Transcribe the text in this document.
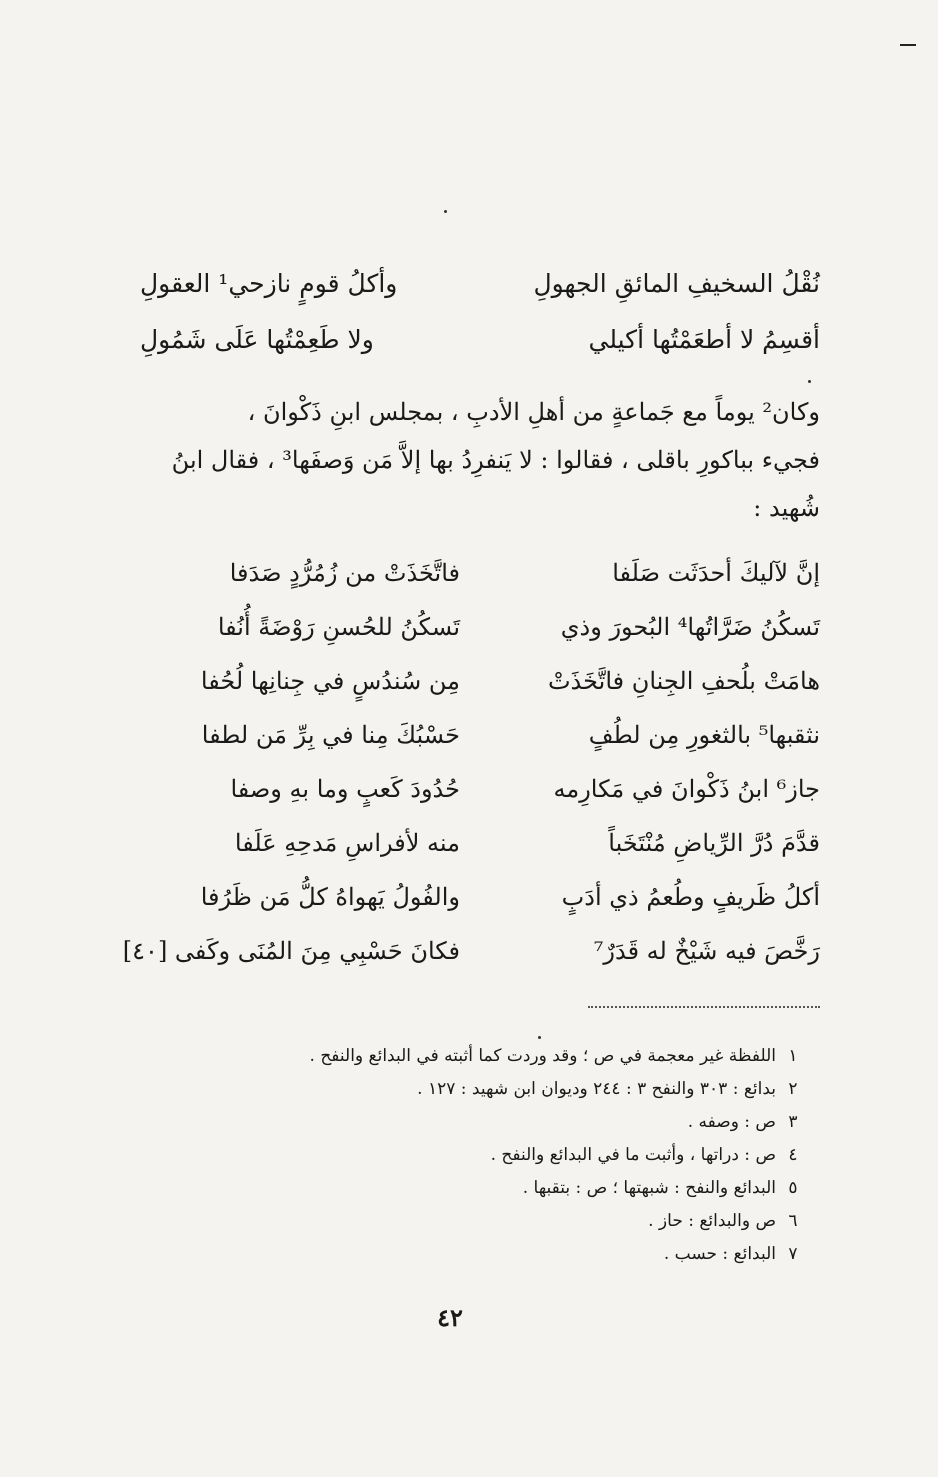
نُقْلُ السخيفِ المائقِ الجهولِ
وأكلُ قومٍ نازحي¹ العقولِ
أقسِمُ لا أطعَمْتُها أكيلي
ولا طَعِمْتُها عَلَى شَمُولِ

وكان² يوماً مع جَماعةٍ من أهلِ الأدبِ ، بمجلس ابنِ ذَكْوانَ ،

فجيء بباكورِ باقلى ، فقالوا : لا يَنفرِدُ بها إلاَّ مَن وَصفَها³ ، فقال ابنُ

شُهيد :

إنَّ لآليكَ أحدَثَت صَلَفا
فاتَّخَذَتْ من زُمُرُّدٍ صَدَفا
تَسكُنُ ضَرَّاتُها⁴ البُحورَ وذي
تَسكُنُ للحُسنِ رَوْضَةً أُنُفا
هامَتْ بلُحفِ الجِنانِ فاتَّخَذَتْ
مِن سُندُسٍ في جِنانِها لُحُفا
نثقبها⁵ بالثغورِ مِن لطُفٍ
حَسْبُكَ مِنا في بِرِّ مَن لطفا
جاز⁶ ابنُ ذَكْوانَ في مَكارِمه
حُدُودَ كَعبٍ وما بهِ وصفا
قدَّمَ دُرَّ الرِّياضِ مُنْتَخَباً
منه لأفراسِ مَدحِهِ عَلَفا
أكلُ ظَريفٍ وطُعمُ ذي أدَبٍ
والفُولُ يَهواهُ كلُّ مَن ظَرُفا
رَخَّصَ فيه شَيْخٌ له قَدَرٌ⁷
فكانَ حَسْبِي مِنَ المُنَى وكَفى [٤٠]
١
اللفظة غير معجمة في ص ؛ وقد وردت كما أثبته في البدائع والنفح .
٢
بدائع : ٣٠٣ والنفح ٣ : ٢٤٤ وديوان ابن شهيد : ١٢٧ .
٣
ص : وصفه .
٤
ص : دراتها ، وأثبت ما في البدائع والنفح .
٥
البدائع والنفح : شبهتها ؛ ص : بتقبها .
٦
ص والبدائع : حاز .
٧
البدائع : حسب .
٤٢
